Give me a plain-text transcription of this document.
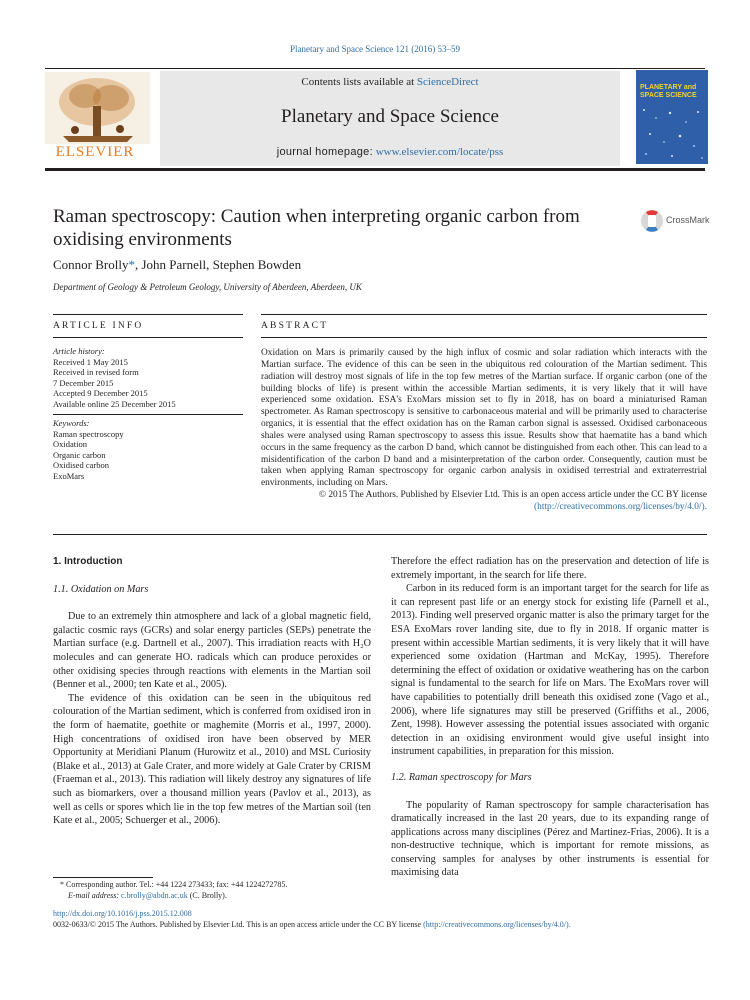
Planetary and Space Science 121 (2016) 53–59
ELSEVIER
Contents lists available at ScienceDirect
Planetary and Space Science
journal homepage: www.elsevier.com/locate/pss
PLANETARY and SPACE SCIENCE
Raman spectroscopy: Caution when interpreting organic carbon from oxidising environments
CrossMark
Connor Brolly*, John Parnell, Stephen Bowden
Department of Geology & Petroleum Geology, University of Aberdeen, Aberdeen, UK
ARTICLE INFO
Article history:
Received 1 May 2015
Received in revised form
7 December 2015
Accepted 9 December 2015
Available online 25 December 2015
Keywords:
Raman spectroscopy
Oxidation
Organic carbon
Oxidised carbon
ExoMars
ABSTRACT
Oxidation on Mars is primarily caused by the high influx of cosmic and solar radiation which interacts with the Martian surface. The evidence of this can be seen in the ubiquitous red colouration of the Martian sediment. This radiation will destroy most signals of life in the top few metres of the Martian surface. If organic carbon (one of the building blocks of life) is present within the accessible Martian sediments, it is very likely that it will have experienced some oxidation. ESA's ExoMars mission set to fly in 2018, has on board a miniaturised Raman spectrometer. As Raman spectroscopy is sensitive to carbonaceous material and will be primarily used to characterise organics, it is essential that the effect oxidation has on the Raman carbon signal is assessed. Oxidised carbonaceous shales were analysed using Raman spectroscopy to assess this issue. Results show that haematite has a band which occurs in the same frequency as the carbon D band, which cannot be distinguished from each other. This can lead to a misidentification of the carbon D band and a misinterpretation of the carbon order. Consequently, caution must be taken when applying Raman spectroscopy for organic carbon analysis in oxidised terrestrial and extraterrestrial environments, including on Mars.
© 2015 The Authors. Published by Elsevier Ltd. This is an open access article under the CC BY license
(http://creativecommons.org/licenses/by/4.0/).
1. Introduction
1.1. Oxidation on Mars

Due to an extremely thin atmosphere and lack of a global magnetic field, galactic cosmic rays (GCRs) and solar energy particles (SEPs) penetrate the Martian surface (e.g. Dartnell et al., 2007). This irradiation reacts with H₂O molecules and can generate HO. radicals which can produce peroxides or other oxidising species through reactions with elements in the Martian soil (Benner et al., 2000; ten Kate et al., 2005).

The evidence of this oxidation can be seen in the ubiquitous red colouration of the Martian sediment, which is conferred from oxidised iron in the form of haematite, goethite or maghemite (Morris et al., 1997, 2000). High concentrations of oxidised iron have been observed by MER Opportunity at Meridiani Planum (Hurowitz et al., 2010) and MSL Curiosity (Blake et al., 2013) at Gale Crater, and more widely at Gale Crater by CRISM (Fraeman et al., 2013). This radiation will likely destroy any signatures of life such as biomarkers, over a thousand million years (Pavlov et al., 2013), as well as cells or spores which lie in the top few metres of the Martian soil (ten Kate et al., 2005; Schuerger et al., 2006).

Therefore the effect radiation has on the preservation and detection of life is extremely important, in the search for life there.

Carbon in its reduced form is an important target for the search for life as it can represent past life or an energy stock for existing life (Parnell et al., 2013). Finding well preserved organic matter is also the primary target for the ESA ExoMars rover landing site, due to fly in 2018. If organic matter is present within accessible Martian sediments, it is very likely that it will have experienced some oxidation (Hartman and McKay, 1995). Therefore determining the effect of oxidation or oxidative weathering has on the carbon signal is fundamental to the search for life on Mars. The ExoMars rover will have capabilities to potentially drill beneath this oxidised zone (Vago et al., 2006), where life signatures may still be preserved (Griffiths et al., 2006, Zent, 1998). However assessing the potential issues associated with organic detection in an oxidising environment would give useful insight into instrument capabilities, in preparation for this mission.

1.2. Raman spectroscopy for Mars

The popularity of Raman spectroscopy for sample characterisation has dramatically increased in the last 20 years, due to its expanding range of applications across many disciplines (Pérez and Martinez-Frias, 2006). It is a non-destructive technique, which is important for remote missions, as conserving samples for analyses by other instruments is essential for maximising data

* Corresponding author. Tel.: +44 1224 273433; fax: +44 1224272785.
E-mail address: c.brolly@abdn.ac.uk (C. Brolly).
http://dx.doi.org/10.1016/j.pss.2015.12.008
0032-0633/© 2015 The Authors. Published by Elsevier Ltd. This is an open access article under the CC BY license (http://creativecommons.org/licenses/by/4.0/).
